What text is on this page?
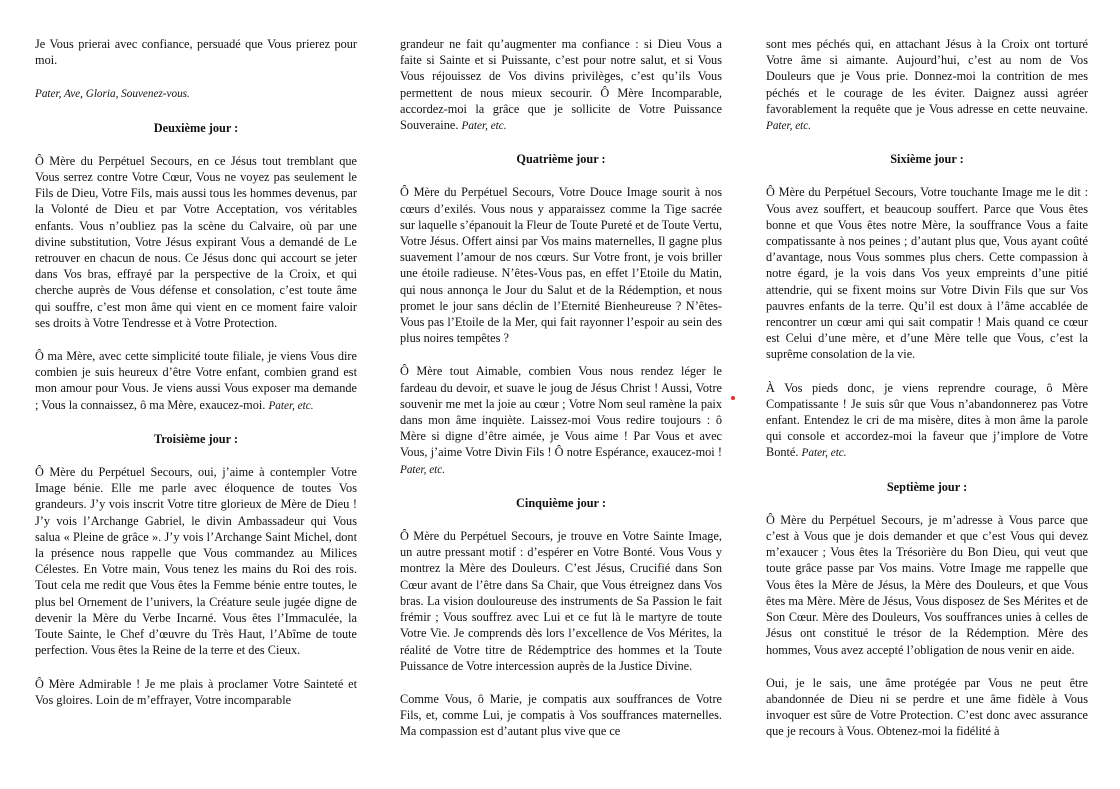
Je Vous prierai avec confiance, persuadé que Vous prierez pour moi.

Pater, Ave, Gloria, Souvenez-vous.

Deuxième jour :

Ô Mère du Perpétuel Secours, en ce Jésus tout tremblant que Vous serrez contre Votre Cœur, Vous ne voyez pas seulement le Fils de Dieu, Votre Fils, mais aussi tous les hommes devenus, par la Volonté de Dieu et par Votre Acceptation, vos véritables enfants. Vous n’oubliez pas la scène du Calvaire, où par une divine substitution, Votre Jésus expirant Vous a demandé de Le retrouver en chacun de nous. Ce Jésus donc qui accourt se jeter dans Vos bras, effrayé par la perspective de la Croix, et qui cherche auprès de Vous défense et consolation, c’est toute âme qui souffre, c’est mon âme qui vient en ce moment faire valoir ses droits à Votre Tendresse et à Votre Protection.

Ô ma Mère, avec cette simplicité toute filiale, je viens Vous dire combien je suis heureux d’être Votre enfant, combien grand est mon amour pour Vous. Je viens aussi Vous exposer ma demande ; Vous la connaissez, ô ma Mère, exaucez-moi. Pater, etc.

Troisième jour :

Ô Mère du Perpétuel Secours, oui, j’aime à contempler Votre Image bénie. Elle me parle avec éloquence de toutes Vos grandeurs. J’y vois inscrit Votre titre glorieux de Mère de Dieu ! J’y vois l’Archange Gabriel, le divin Ambassadeur qui Vous salua « Pleine de grâce ». J’y vois l’Archange Saint Michel, dont la présence nous rappelle que Vous commandez au Milices Célestes. En Votre main, Vous tenez les mains du Roi des rois. Tout cela me redit que Vous êtes la Femme bénie entre toutes, le plus bel Ornement de l’univers, la Créature seule jugée digne de devenir la Mère du Verbe Incarné. Vous êtes l’Immaculée, la Toute Sainte, le Chef d’œuvre du Très Haut, l’Abîme de toute perfection. Vous êtes la Reine de la terre et des Cieux.

Ô Mère Admirable ! Je me plais à proclamer Votre Sainteté et Vos gloires. Loin de m’effrayer, Votre incomparable

grandeur ne fait qu’augmenter ma confiance : si Dieu Vous a faite si Sainte et si Puissante, c’est pour notre salut, et si Vous Vous réjouissez de Vos divins privilèges, c’est qu’ils Vous permettent de nous mieux secourir. Ô Mère Incomparable, accordez-moi la grâce que je sollicite de Votre Puissance Souveraine. Pater, etc.

Quatrième jour :

Ô Mère du Perpétuel Secours, Votre Douce Image sourit à nos cœurs d’exilés. Vous nous y apparaissez comme la Tige sacrée sur laquelle s’épanouit la Fleur de Toute Pureté et de Toute Vertu, Votre Jésus. Offert ainsi par Vos mains maternelles, Il gagne plus suavement l’amour de nos cœurs. Sur Votre front, je vois briller une étoile radieuse. N’êtes-Vous pas, en effet l’Etoile du Matin, qui nous annonça le Jour du Salut et de la Rédemption, et nous promet le jour sans déclin de l’Eternité Bienheureuse ? N’êtes-Vous pas l’Etoile de la Mer, qui fait rayonner l’espoir au sein des plus noires tempêtes ?

Ô Mère tout Aimable, combien Vous nous rendez léger le fardeau du devoir, et suave le joug de Jésus Christ ! Aussi, Votre souvenir me met la joie au cœur ; Votre Nom seul ramène la paix dans mon âme inquiète. Laissez-moi Vous redire toujours : ô Mère si digne d’être aimée, je Vous aime ! Par Vous et avec Vous, j’aime Votre Divin Fils ! Ô notre Espérance, exaucez-moi ! Pater, etc.

Cinquième jour :

Ô Mère du Perpétuel Secours, je trouve en Votre Sainte Image, un autre pressant motif : d’espérer en Votre Bonté. Vous Vous y montrez la Mère des Douleurs. C’est Jésus, Crucifié dans Son Cœur avant de l’être dans Sa Chair, que Vous étreignez dans Vos bras. La vision douloureuse des instruments de Sa Passion le fait frémir ; Vous souffrez avec Lui et ce fut là le martyre de toute Votre Vie. Je comprends dès lors l’excellence de Vos Mérites, la réalité de Votre titre de Rédemptrice des hommes et la Toute Puissance de Votre intercession auprès de la Justice Divine.

Comme Vous, ô Marie, je compatis aux souffrances de Votre Fils, et, comme Lui, je compatis à Vos souffrances maternelles. Ma compassion est d’autant plus vive que ce

sont mes péchés qui, en attachant Jésus à la Croix ont torturé Votre âme si aimante. Aujourd’hui, c’est au nom de Vos Douleurs que je Vous prie. Donnez-moi la contrition de mes péchés et le courage de les éviter. Daignez aussi agréer favorablement la requête que je Vous adresse en cette neuvaine. Pater, etc.

Sixième jour :

Ô Mère du Perpétuel Secours, Votre touchante Image me le dit : Vous avez souffert, et beaucoup souffert. Parce que Vous êtes bonne et que Vous êtes notre Mère, la souffrance Vous a faite compatissante à nos peines ; d’autant plus que, Vous ayant coûté d’avantage, nous Vous sommes plus chers. Cette compassion à notre égard, je la vois dans Vos yeux empreints d’une pitié attendrie, qui se fixent moins sur Votre Divin Fils que sur Vos pauvres enfants de la terre. Qu’il est doux à l’âme accablée de rencontrer un cœur ami qui sait compatir ! Mais quand ce cœur est Celui d’une mère, et d’une Mère telle que Vous, c’est la suprême consolation de la vie.

À Vos pieds donc, je viens reprendre courage, ô Mère Compatissante ! Je suis sûr que Vous n’abandonnerez pas Votre enfant. Entendez le cri de ma misère, dites à mon âme la parole qui console et accordez-moi la faveur que j’implore de Votre Bonté. Pater, etc.

Septième jour :

Ô Mère du Perpétuel Secours, je m’adresse à Vous parce que c’est à Vous que je dois demander et que c’est Vous qui devez m’exaucer ; Vous êtes la Trésorière du Bon Dieu, qui veut que toute grâce passe par Vos mains. Votre Image me rappelle que Vous êtes la Mère de Jésus, la Mère des Douleurs, et que Vous êtes ma Mère. Mère de Jésus, Vous disposez de Ses Mérites et de Son Cœur. Mère des Douleurs, Vos souffrances unies à celles de Jésus ont constitué le trésor de la Rédemption. Mère des hommes, Vous avez accepté l’obligation de nous venir en aide.

Oui, je le sais, une âme protégée par Vous ne peut être abandonnée de Dieu ni se perdre et une âme fidèle à Vous invoquer est sûre de Votre Protection. C’est donc avec assurance que je recours à Vous. Obtenez-moi la fidélité à
